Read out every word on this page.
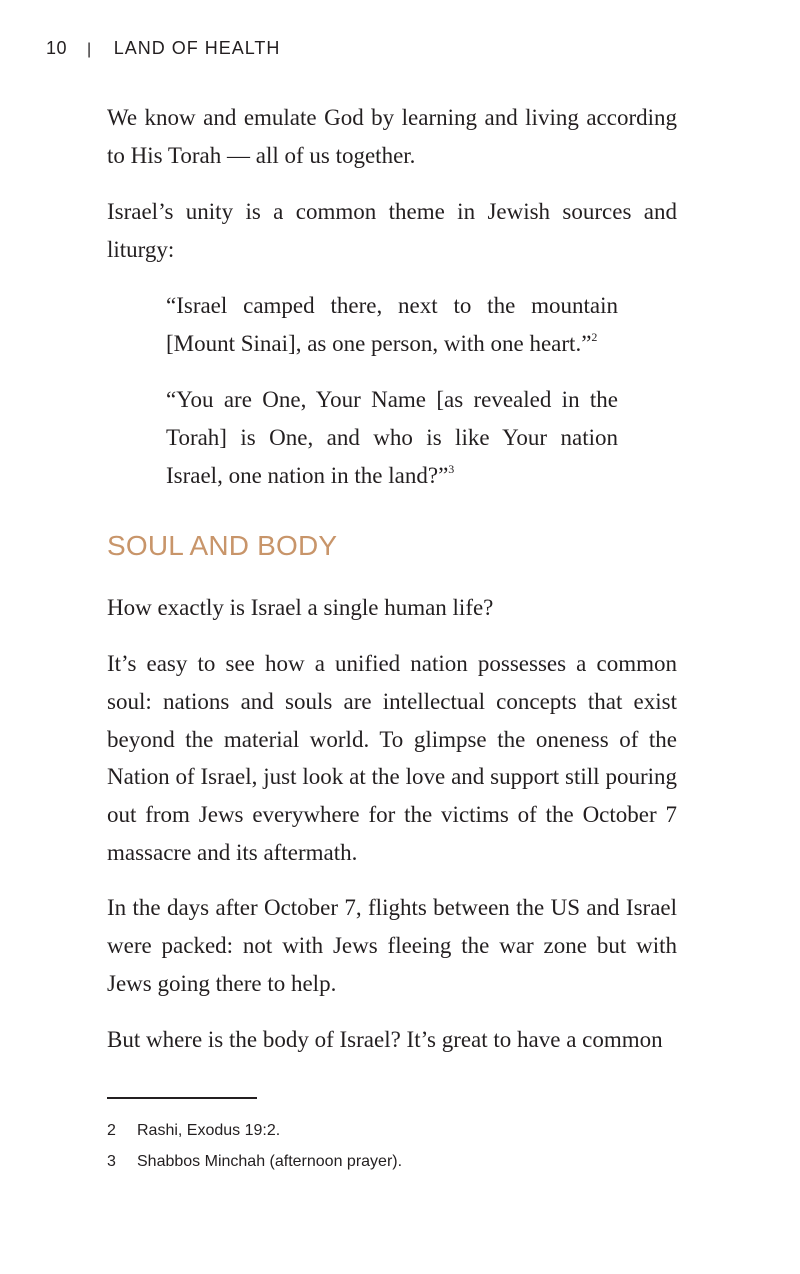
10 | LAND OF HEALTH

We know and emulate God by learning and living according to His Torah — all of us together.

Israel’s unity is a common theme in Jewish sources and liturgy:

“Israel camped there, next to the mountain [Mount Sinai], as one person, with one heart.”$^2$

“You are One, Your Name [as revealed in the Torah] is One, and who is like Your nation Israel, one nation in the land?”$^3$

SOUL AND BODY

How exactly is Israel a single human life?

It’s easy to see how a unified nation possesses a common soul: nations and souls are intellectual concepts that exist beyond the material world. To glimpse the oneness of the Nation of Israel, just look at the love and support still pouring out from Jews everywhere for the victims of the October 7 massacre and its aftermath.

In the days after October 7, flights between the US and Israel were packed: not with Jews fleeing the war zone but with Jews going there to help.

But where is the body of Israel? It’s great to have a common

2 Rashi, Exodus 19:2.

3 Shabbos Minchah (afternoon prayer).
